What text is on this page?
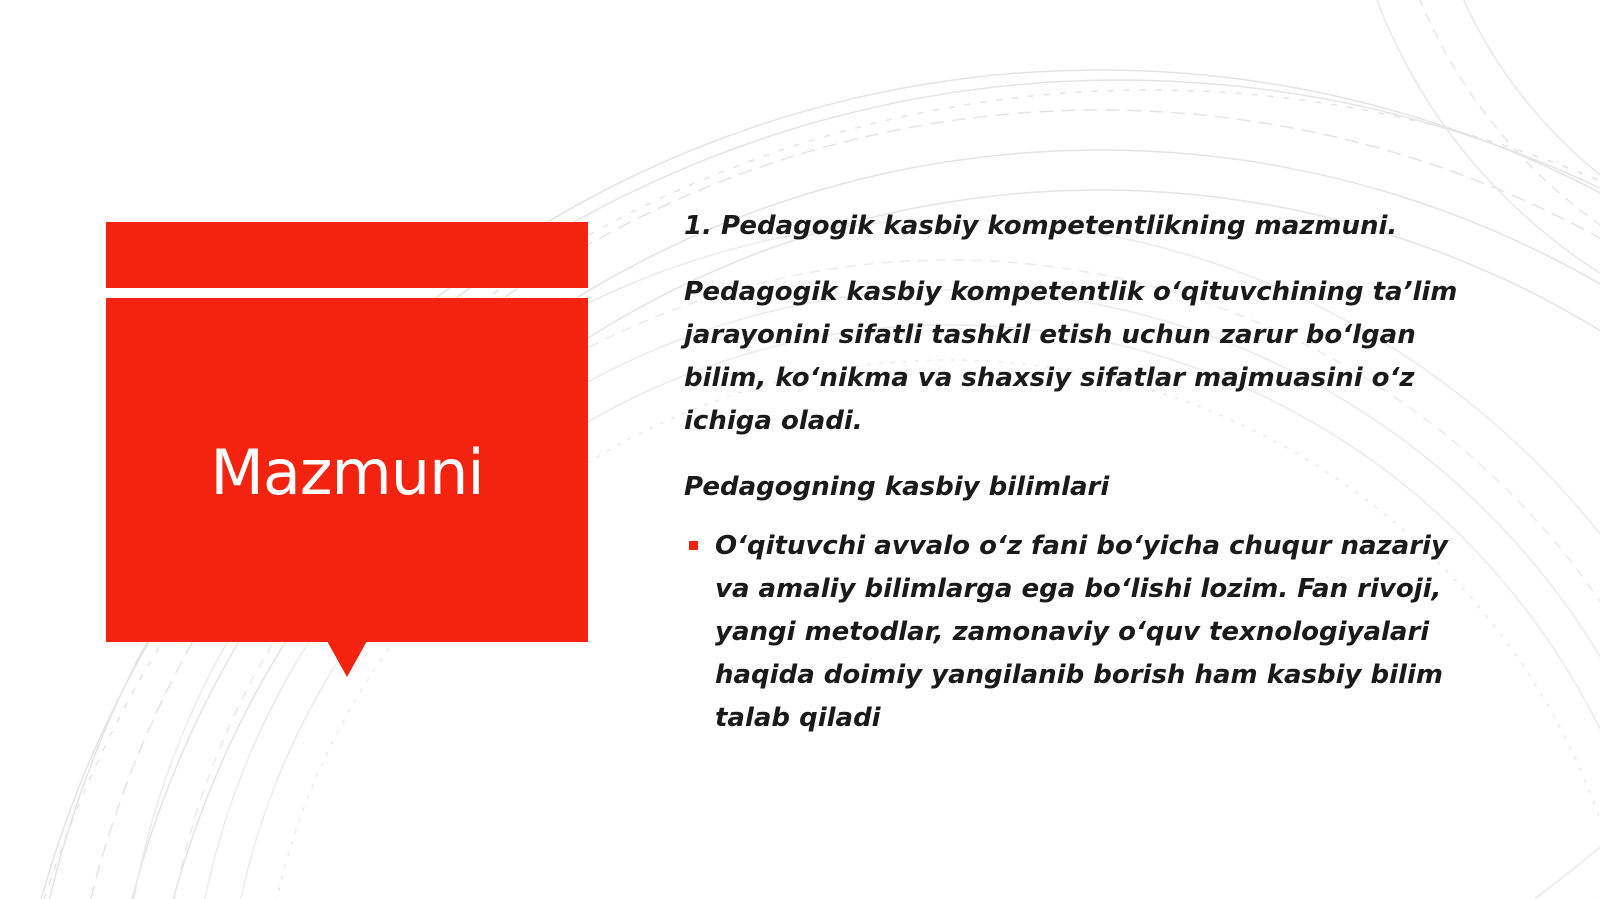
Mazmuni

1. Pedagogik kasbiy kompetentlikning mazmuni.

Pedagogik kasbiy kompetentlik o‘qituvchining ta’lim jarayonini sifatli tashkil etish uchun zarur bo‘lgan bilim, ko‘nikma va shaxsiy sifatlar majmuasini o‘z ichiga oladi.

Pedagogning kasbiy bilimlari

O‘qituvchi avvalo o‘z fani bo‘yicha chuqur nazariy va amaliy bilimlarga ega bo‘lishi lozim. Fan rivoji, yangi metodlar, zamonaviy o‘quv texnologiyalari haqida doimiy yangilanib borish ham kasbiy bilim talab qiladi
